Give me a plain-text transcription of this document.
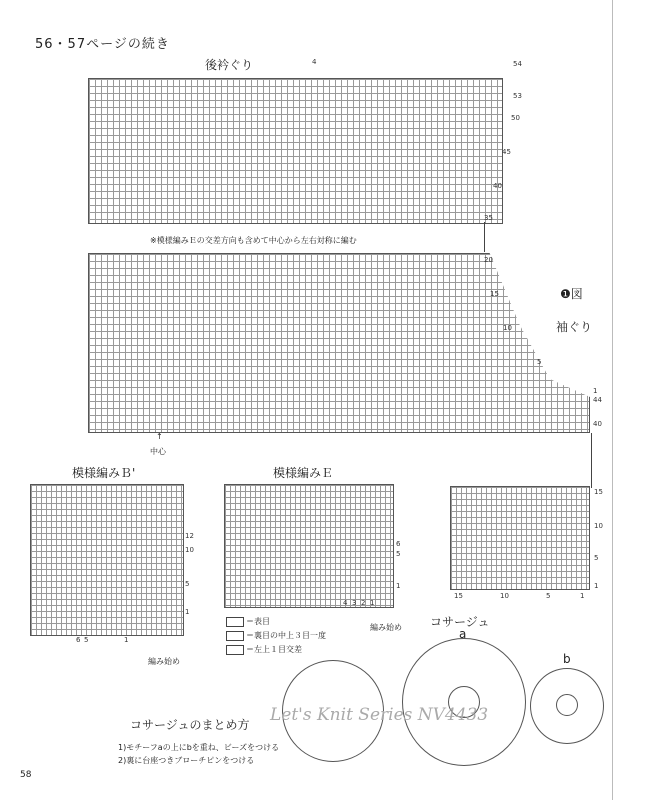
56・57ページの続き
後衿ぐり	4
※模様編みＥの交差方向も含めて中心から左右対称に編む
54
53
50
45
40
35
20
15
10
5
1
44
40
❶図
袖ぐり
↑
中心
模様編みＢ'
12
10
5
1
6 5	1
編み始め
模様編みＥ
6
5
1
4 3 2 1
編み始め
＝表目
＝裏目の中上３目一度
＝左上１目交差
15
10
5
1
15	10	5	1
コサージュ
a
b
Let's Knit Series NV4433
コサージュのまとめ方
1)モチーフaの上にbを重ね、ビーズをつける
2)裏に台座つきブローチピンをつける
58
